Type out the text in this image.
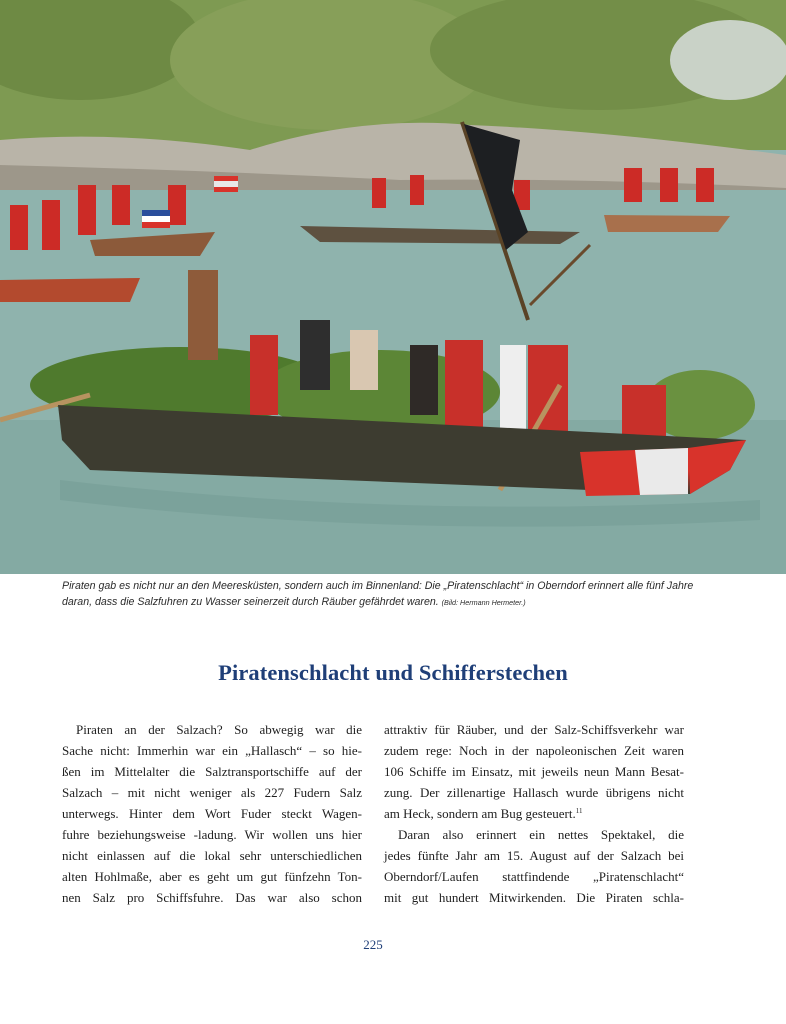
Piraten gab es nicht nur an den Meeresküsten, sondern auch im Binnenland: Die „Piratenschlacht“ in Oberndorf erinnert alle fünf Jahre daran, dass die Salzfuhren zu Wasser seinerzeit durch Räuber gefährdet waren. (Bild: Hermann Hermeter.)

Piratenschlacht und Schifferstechen

Piraten an der Salzach? So abwegig war die

Sache nicht: Immerhin war ein „Hallasch“ – so hie-

ßen im Mittelalter die Salztransportschiffe auf der

Salzach – mit nicht weniger als 227 Fudern Salz

unterwegs. Hinter dem Wort Fuder steckt Wagen-

fuhre beziehungsweise -ladung. Wir wollen uns hier

nicht einlassen auf die lokal sehr unterschiedlichen

alten Hohlmaße, aber es geht um gut fünfzehn Ton-

nen Salz pro Schiffsfuhre. Das war also schon

attraktiv für Räuber, und der Salz-Schiffsverkehr war

zudem rege: Noch in der napoleonischen Zeit waren

106 Schiffe im Einsatz, mit jeweils neun Mann Besat-

zung. Der zillenartige Hallasch wurde übrigens nicht

am Heck, sondern am Bug gesteuert.$^{11}$

Daran also erinnert ein nettes Spektakel, die

jedes fünfte Jahr am 15. August auf der Salzach bei

Oberndorf/Laufen stattfindende „Piratenschlacht“

mit gut hundert Mitwirkenden. Die Piraten schla-

225
